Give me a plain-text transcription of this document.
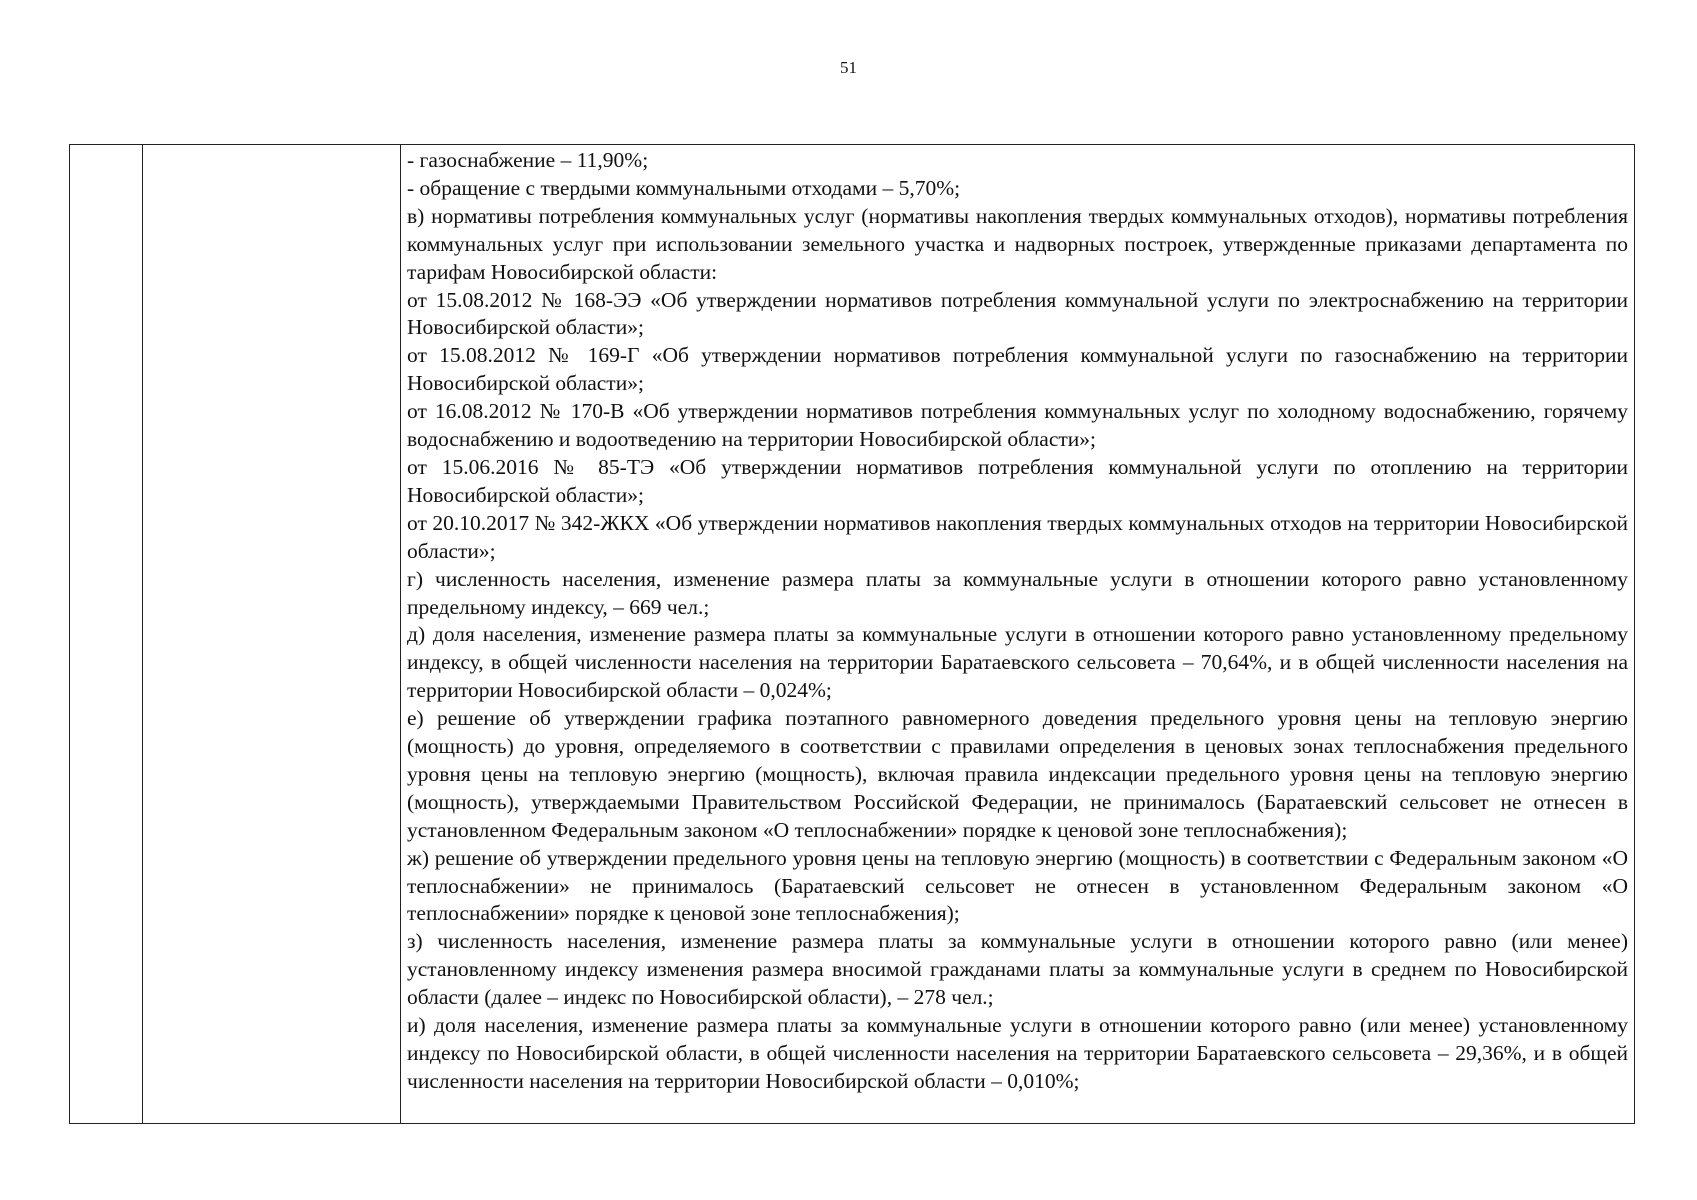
51

- газоснабжение – 11,90%;

- обращение с твердыми коммунальными отходами – 5,70%;

в) нормативы потребления коммунальных услуг (нормативы накопления твердых коммунальных отходов), нормативы потребления коммунальных услуг при использовании земельного участка и надворных построек, утвержденные приказами департамента по тарифам Новосибирской области:

от 15.08.2012 № 168-ЭЭ «Об утверждении нормативов потребления коммунальной услуги по электроснабжению на территории Новосибирской области»;

от 15.08.2012 № 169-Г «Об утверждении нормативов потребления коммунальной услуги по газоснабжению на территории Новосибирской области»;

от 16.08.2012 № 170-В «Об утверждении нормативов потребления коммунальных услуг по холодному водоснабжению, горячему водоснабжению и водоотведению на территории Новосибирской области»;

от 15.06.2016 № 85-ТЭ «Об утверждении нормативов потребления коммунальной услуги по отоплению на территории Новосибирской области»;

от 20.10.2017 № 342-ЖКХ «Об утверждении нормативов накопления твердых коммунальных отходов на территории Новосибирской области»;

г) численность населения, изменение размера платы за коммунальные услуги в отношении которого равно установленному предельному индексу, – 669 чел.;

д) доля населения, изменение размера платы за коммунальные услуги в отношении которого равно установленному предельному индексу, в общей численности населения на территории Баратаевского сельсовета – 70,64%, и в общей численности населения на территории Новосибирской области – 0,024%;

е) решение об утверждении графика поэтапного равномерного доведения предельного уровня цены на тепловую энергию (мощность) до уровня, определяемого в соответствии с правилами определения в ценовых зонах теплоснабжения предельного уровня цены на тепловую энергию (мощность), включая правила индексации предельного уровня цены на тепловую энергию (мощность), утверждаемыми Правительством Российской Федерации, не принималось (Баратаевский сельсовет не отнесен в установленном Федеральным законом «О теплоснабжении» порядке к ценовой зоне теплоснабжения);

ж) решение об утверждении предельного уровня цены на тепловую энергию (мощность) в соответствии с Федеральным законом «О теплоснабжении» не принималось (Баратаевский сельсовет не отнесен в установленном Федеральным законом «О теплоснабжении» порядке к ценовой зоне теплоснабжения);

з) численность населения, изменение размера платы за коммунальные услуги в отношении которого равно (или менее) установленному индексу изменения размера вносимой гражданами платы за коммунальные услуги в среднем по Новосибирской области (далее – индекс по Новосибирской области), – 278 чел.;

и) доля населения, изменение размера платы за коммунальные услуги в отношении которого равно (или менее) установленному индексу по Новосибирской области, в общей численности населения на территории Баратаевского сельсовета – 29,36%, и в общей численности населения на территории Новосибирской области – 0,010%;
